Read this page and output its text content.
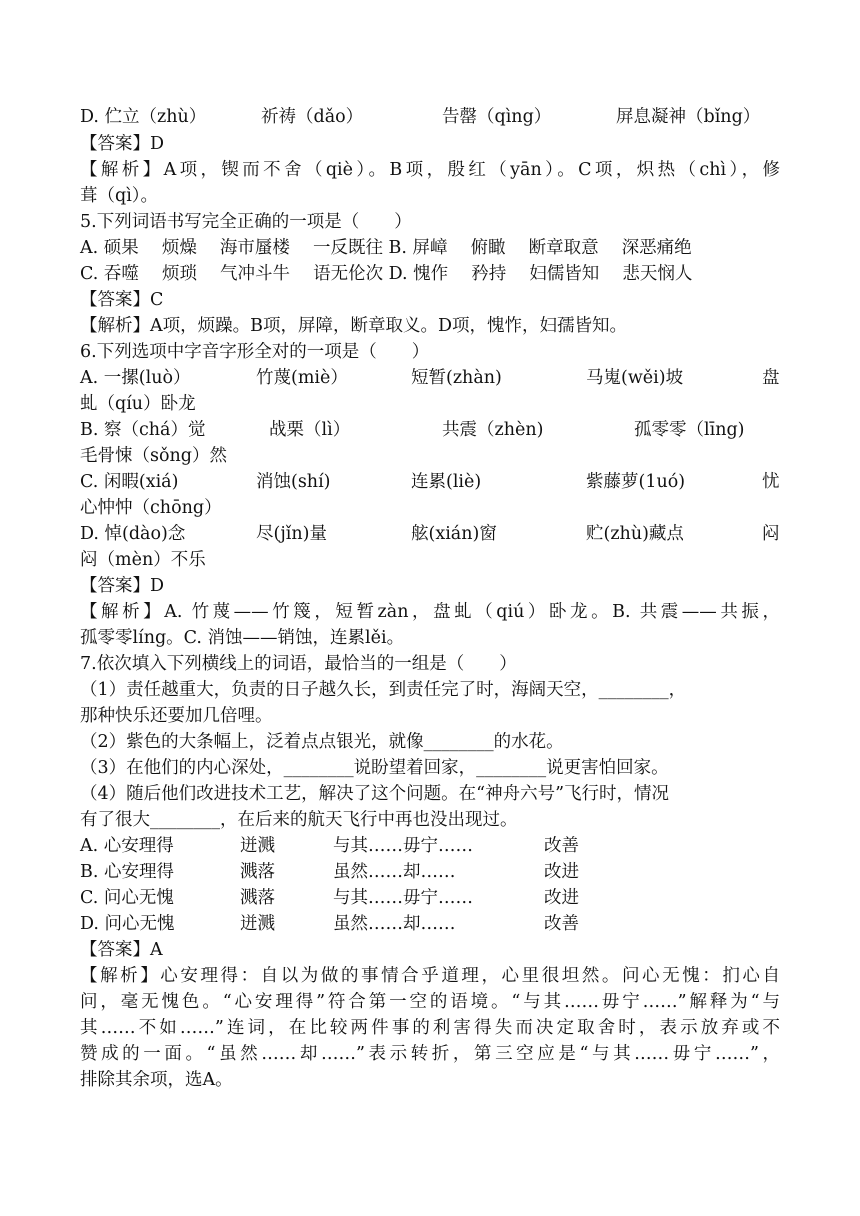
D. 伫立（zhù）	祈祷（dǎo）	告罄（qìng）	屏息凝神（bǐng）
【答案】D
【解析】A项，锲而不舍（qiè）。B项，殷红（yān）。C项，炽热（chì），修
葺（qì）。
5.下列词语书写完全正确的一项是（　　）
A. 硕果　 烦燥　 海市蜃楼　 一反既往 B. 屏嶂　 俯瞰　 断章取意　 深恶痛绝
C. 吞噬　 烦琐　 气冲斗牛　 语无伦次 D. 愧作　 矜持　 妇儒皆知　 悲天悯人
【答案】C
【解析】A项，烦躁。B项，屏障，断章取义。D项，愧怍，妇孺皆知。
6.下列选项中字音字形全对的一项是（　　）
A. 一摞(luò）	竹蔑(miè）	短暂(zhàn)	马嵬(wěi)坡	盘
虬（qíu）卧龙
B. 察（chá）觉	战栗（lì）	共震（zhèn)	孤零零（līng)
毛骨悚（sǒng）然
C. 闲暇(xiá)	消蚀(shí)	连累(liè)	紫藤萝(1uó)	忧
心忡忡（chōng）
D. 悼(dào)念	尽(jǐn)量	舷(xián)窗	贮(zhù)藏点	闷
闷（mèn）不乐
【答案】D
【解析】A. 竹蔑——竹篾，短暂zàn，盘虬（qiú）卧龙。B. 共震——共振，
孤零零líng。C. 消蚀——销蚀，连累lěi。
7.依次填入下列横线上的词语，最恰当的一组是（　　）
（1）责任越重大，负责的日子越久长，到责任完了时，海阔天空，________，
那种快乐还要加几倍哩。
（2）紫色的大条幅上，泛着点点银光，就像________的水花。
（3）在他们的内心深处，________说盼望着回家，________说更害怕回家。
（4）随后他们改进技术工艺，解决了这个问题。在“神舟六号”飞行时，情况
有了很大________，在后来的航天飞行中再也没出现过。
A. 心安理得	迸溅	与其……毋宁……	改善
B. 心安理得	溅落	虽然……却……	改进
C. 问心无愧	溅落	与其……毋宁……	改进
D. 问心无愧	迸溅	虽然……却……	改善
【答案】A
【解析】心安理得：自以为做的事情合乎道理，心里很坦然。问心无愧：扪心自
问，毫无愧色。“心安理得”符合第一空的语境。“与其……毋宁……”解释为“与
其……不如……”连词，在比较两件事的利害得失而决定取舍时，表示放弃或不
赞成的一面。“虽然……却……”表示转折，第三空应是“与其……毋宁……”，
排除其余项，选A。
